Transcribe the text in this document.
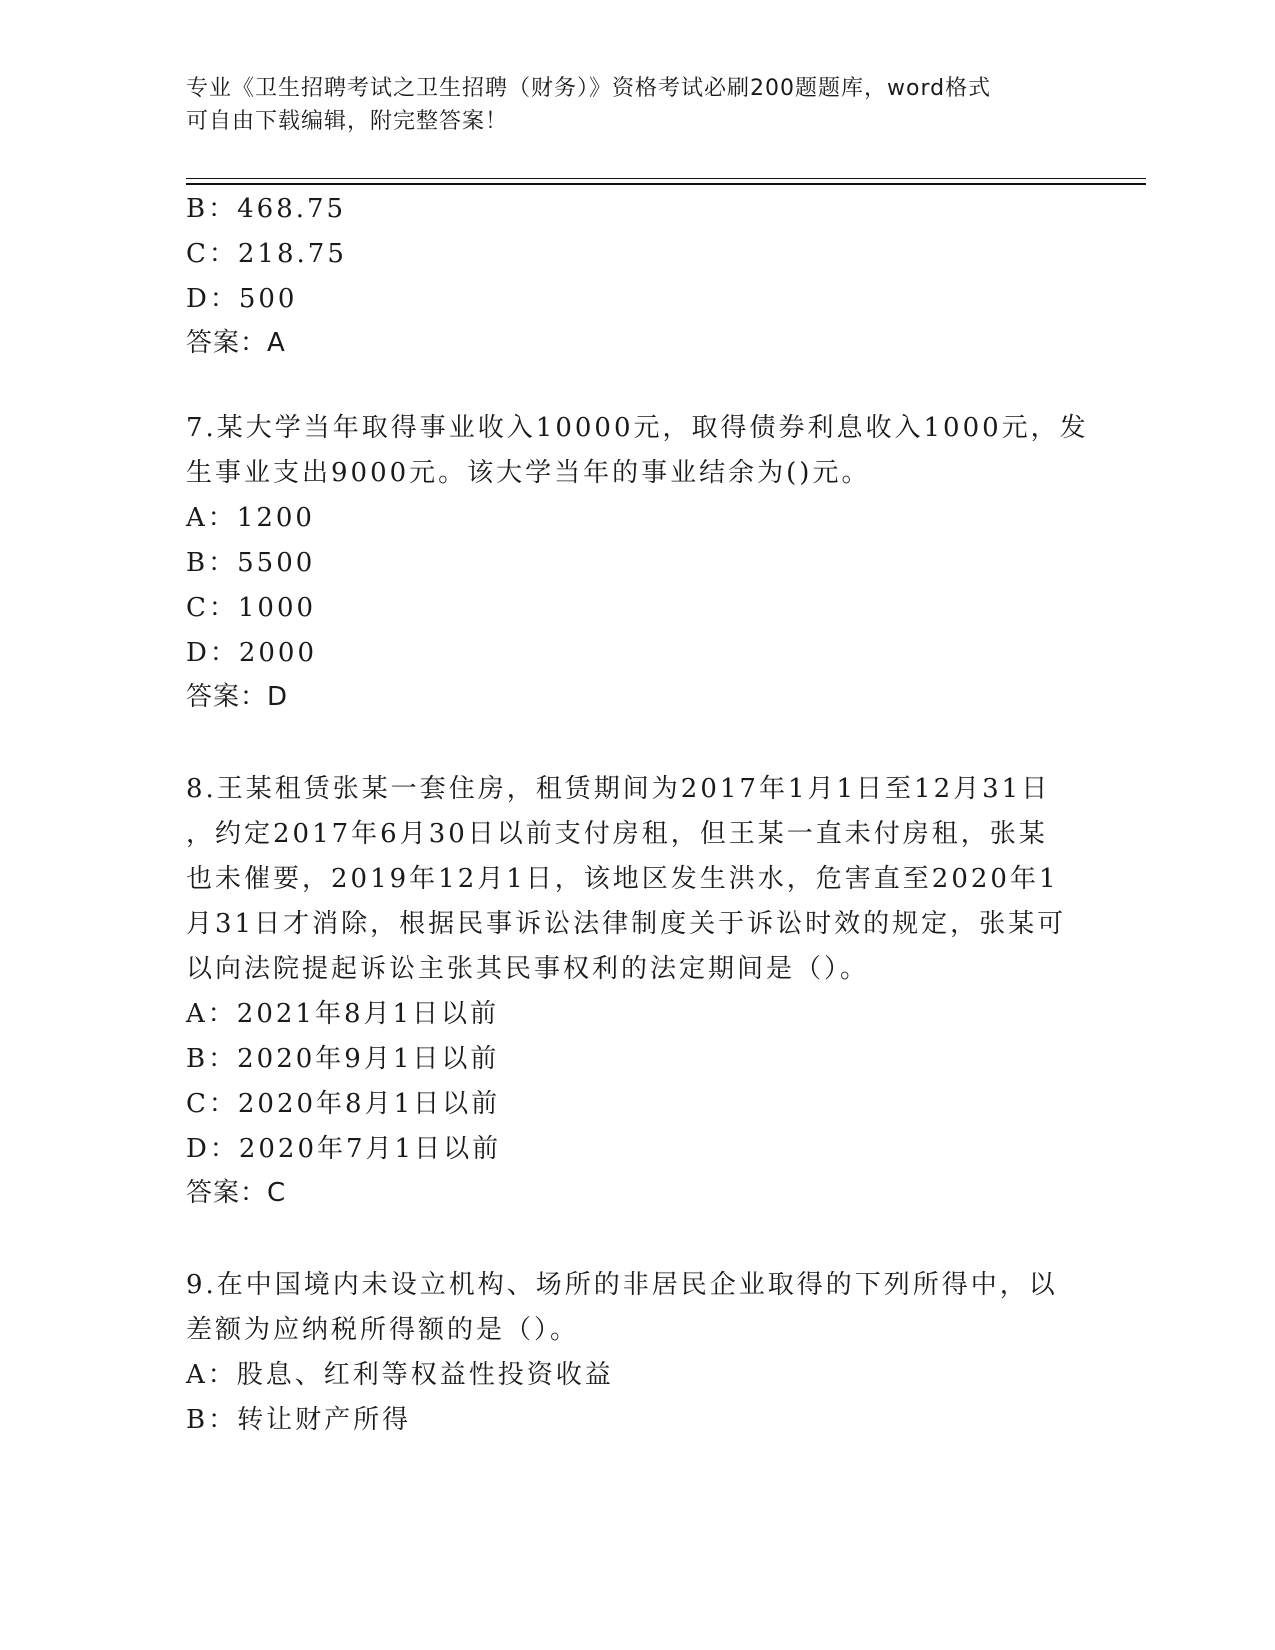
专业《卫生招聘考试之卫生招聘（财务）》资格考试必刷200题题库，word格式
可自由下载编辑，附完整答案！
B：468.75
C：218.75
D：500
答案：A
7.某大学当年取得事业收入10000元，取得债券利息收入1000元，发
生事业支出9000元。该大学当年的事业结余为()元。
A：1200
B：5500
C：1000
D：2000
答案：D
8.王某租赁张某一套住房，租赁期间为2017年1月1日至12月31日
，约定2017年6月30日以前支付房租，但王某一直未付房租，张某
也未催要，2019年12月1日，该地区发生洪水，危害直至2020年1
月31日才消除，根据民事诉讼法律制度关于诉讼时效的规定，张某可
以向法院提起诉讼主张其民事权利的法定期间是（）。
A：2021年8月1日以前
B：2020年9月1日以前
C：2020年8月1日以前
D：2020年7月1日以前
答案：C
9.在中国境内未设立机构、场所的非居民企业取得的下列所得中，以
差额为应纳税所得额的是（）。
A：股息、红利等权益性投资收益
B：转让财产所得
